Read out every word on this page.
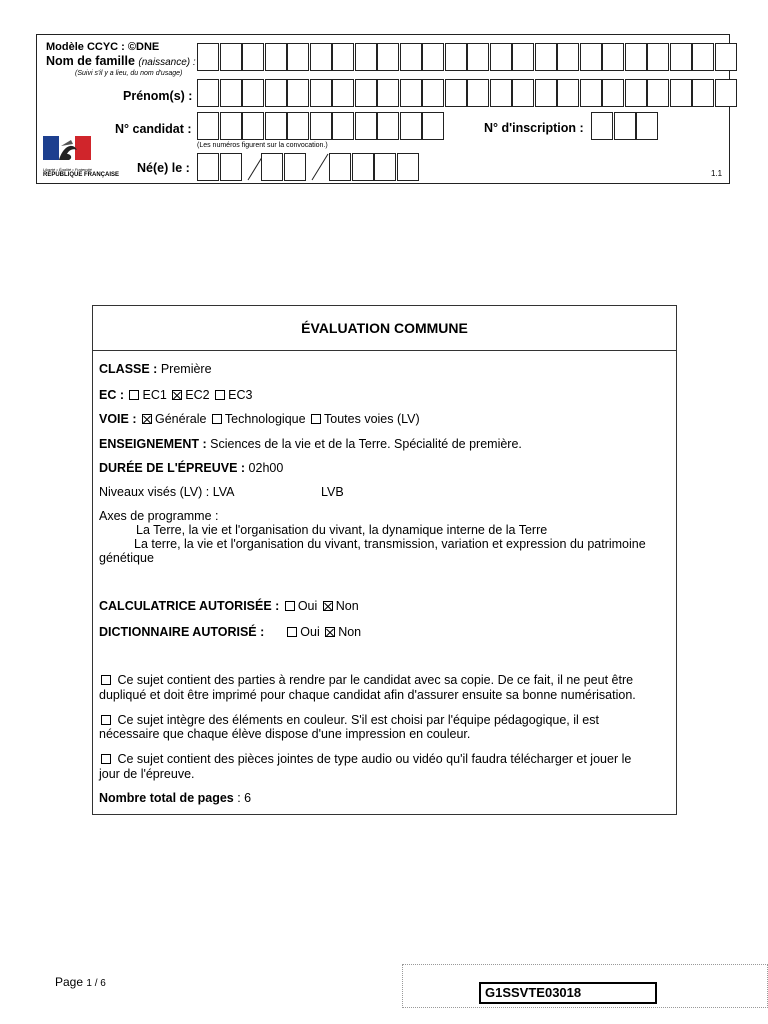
Modèle CCYC : ©DNE
Nom de famille (naissance) :
(Suivi s'il y a lieu, du nom d'usage)
Prénom(s) :
N° candidat :
(Les numéros figurent sur la convocation.)
N° d'inscription :
Liberté • Égalité • Fraternité
RÉPUBLIQUE FRANÇAISE	Né(e) le :	1.1
ÉVALUATION COMMUNE
CLASSE : Première
EC : EC1 EC2 EC3
VOIE : Générale Technologique Toutes voies (LV)
ENSEIGNEMENT : Sciences de la vie et de la Terre. Spécialité de première.
DURÉE DE L'ÉPREUVE : 02h00
Niveaux visés (LV) : LVA	LVB
Axes de programme :
La Terre, la vie et l'organisation du vivant, la dynamique interne de la Terre
La terre, la vie et l'organisation du vivant, transmission, variation et expression du patrimoine
génétique
CALCULATRICE AUTORISÉE : Oui Non
DICTIONNAIRE AUTORISÉ :	Oui Non
Ce sujet contient des parties à rendre par le candidat avec sa copie. De ce fait, il ne peut être
dupliqué et doit être imprimé pour chaque candidat afin d'assurer ensuite sa bonne numérisation.
Ce sujet intègre des éléments en couleur. S'il est choisi par l'équipe pédagogique, il est
nécessaire que chaque élève dispose d'une impression en couleur.
Ce sujet contient des pièces jointes de type audio ou vidéo qu'il faudra télécharger et jouer le
jour de l'épreuve.
Nombre total de pages : 6
Page 1 / 6
G1SSVTE03018
